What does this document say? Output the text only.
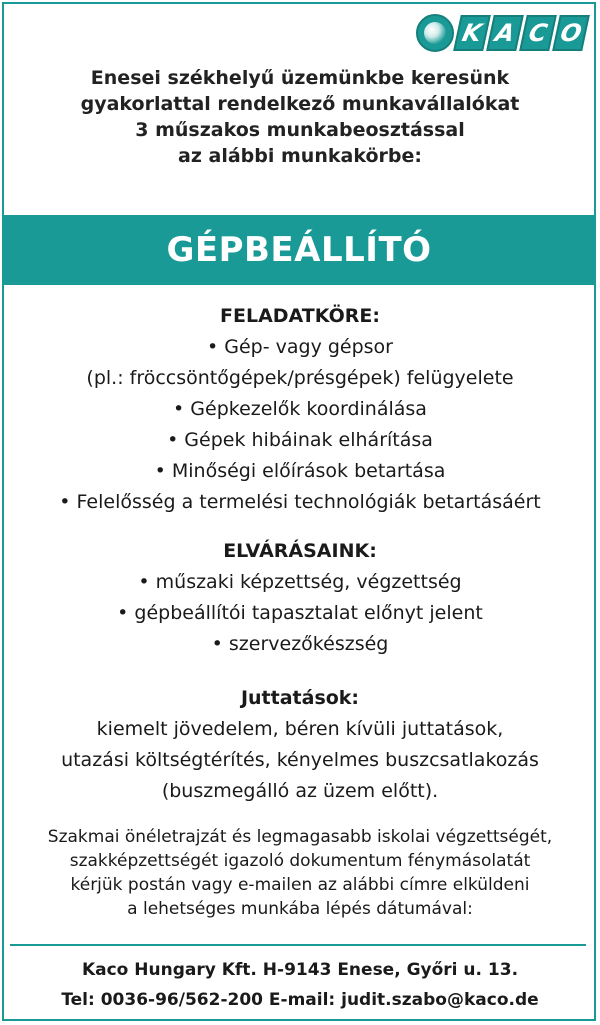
K A C O
Enesei székhelyű üzemünkbe keresünk
gyakorlattal rendelkező munkavállalókat
3 műszakos munkabeosztással
az alábbi munkakörbe:
GÉPBEÁLLÍTÓ
FELADATKÖRE:
• Gép- vagy gépsor
(pl.: fröccsöntőgépek/présgépek) felügyelete
• Gépkezelők koordinálása
• Gépek hibáinak elhárítása
• Minőségi előírások betartása
• Felelősség a termelési technológiák betartásáért
ELVÁRÁSAINK:
• műszaki képzettség, végzettség
• gépbeállítói tapasztalat előnyt jelent
• szervezőkészség
Juttatások:
kiemelt jövedelem, béren kívüli juttatások,
utazási költségtérítés, kényelmes buszcsatlakozás
(buszmegálló az üzem előtt).
Szakmai önéletrajzát és legmagasabb iskolai végzettségét,
szakképzettségét igazoló dokumentum fénymásolatát
kérjük postán vagy e-mailen az alábbi címre elküldeni
a lehetséges munkába lépés dátumával:
Kaco Hungary Kft. H-9143 Enese, Győri u. 13.
Tel: 0036-96/562-200 E-mail: judit.szabo@kaco.de
